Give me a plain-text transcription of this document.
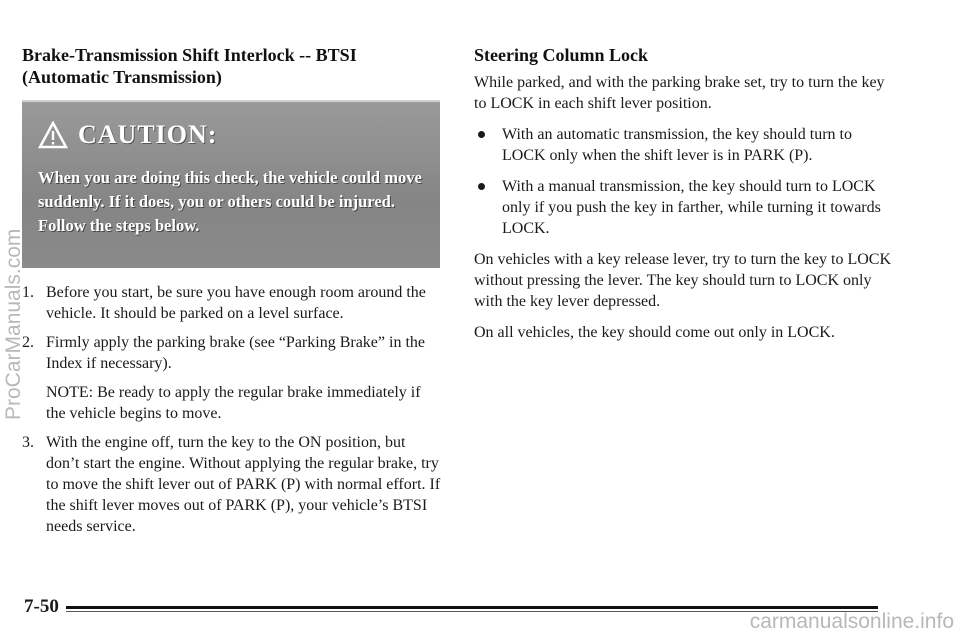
Brake-Transmission Shift Interlock -- BTSI
(Automatic Transmission)
CAUTION:
When you are doing this check, the vehicle could move suddenly. If it does, you or others could be injured. Follow the steps below.
1. Before you start, be sure you have enough room around the vehicle. It should be parked on a level surface.
2. Firmly apply the parking brake (see “Parking Brake” in the Index if necessary).
NOTE: Be ready to apply the regular brake immediately if the vehicle begins to move.
3. With the engine off, turn the key to the ON position, but don’t start the engine. Without applying the regular brake, try to move the shift lever out of PARK (P) with normal effort. If the shift lever moves out of PARK (P), your vehicle’s BTSI needs service.
Steering Column Lock

While parked, and with the parking brake set, try to turn the key to LOCK in each shift lever position.

With an automatic transmission, the key should turn to LOCK only when the shift lever is in PARK (P).
With a manual transmission, the key should turn to LOCK only if you push the key in farther, while turning it towards LOCK.

On vehicles with a key release lever, try to turn the key to LOCK without pressing the lever. The key should turn to LOCK only with the key lever depressed.

On all vehicles, the key should come out only in LOCK.

7-50
ProCarManuals.com
carmanualsonline.info
